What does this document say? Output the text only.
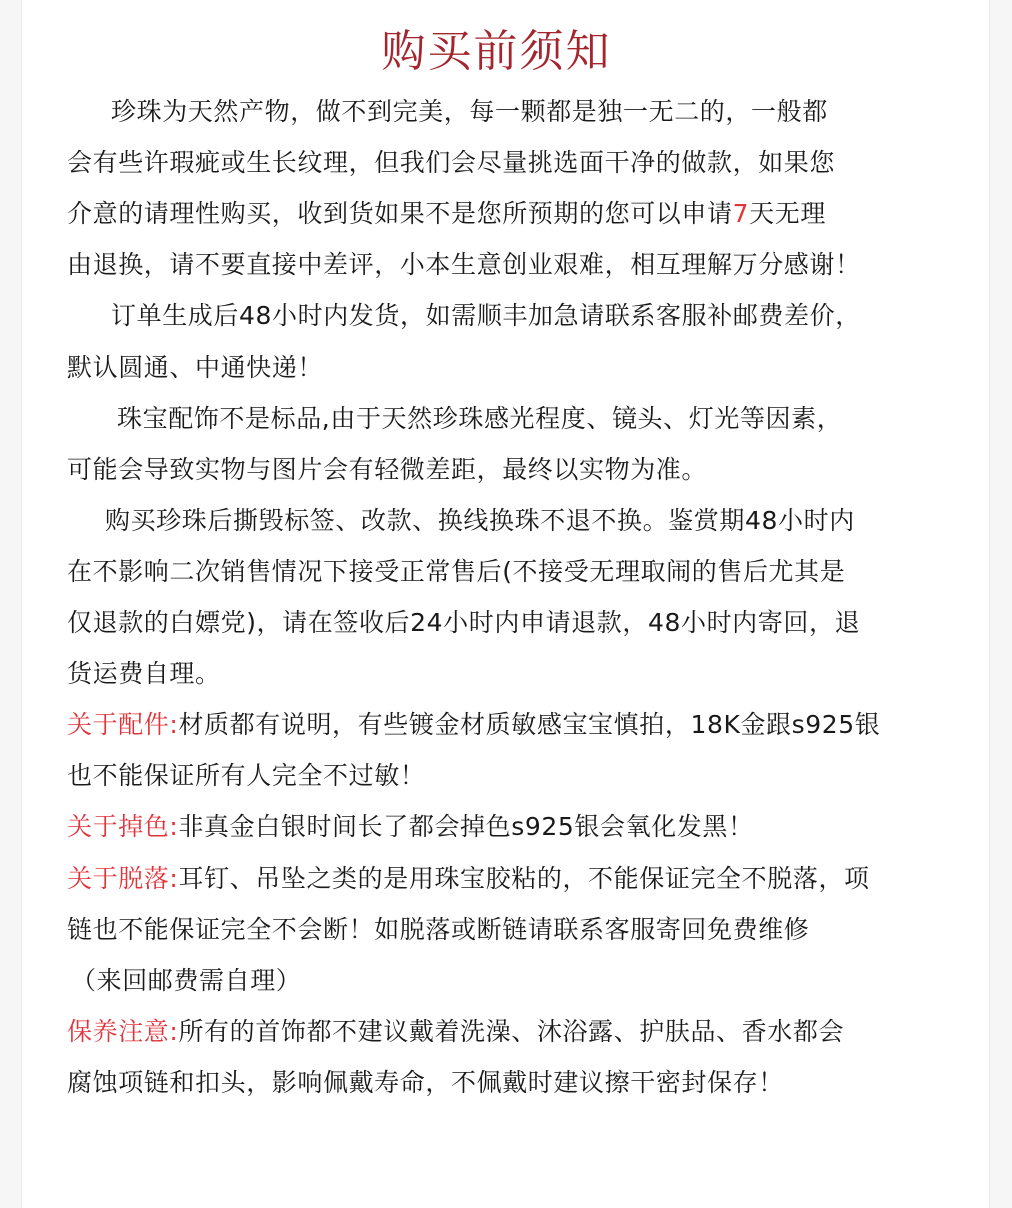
购买前须知
珍珠为天然产物，做不到完美，每一颗都是独一无二的，一般都
会有些许瑕疵或生长纹理，但我们会尽量挑选面干净的做款，如果您
介意的请理性购买，收到货如果不是您所预期的您可以申请7天无理
由退换，请不要直接中差评，小本生意创业艰难，相互理解万分感谢！
订单生成后48小时内发货，如需顺丰加急请联系客服补邮费差价，
默认圆通、中通快递！
珠宝配饰不是标品,由于天然珍珠感光程度、镜头、灯光等因素，
可能会导致实物与图片会有轻微差距，最终以实物为准。
购买珍珠后撕毁标签、改款、换线换珠不退不换。鉴赏期48小时内
在不影响二次销售情况下接受正常售后(不接受无理取闹的售后尤其是
仅退款的白嫖党)，请在签收后24小时内申请退款，48小时内寄回，退
货运费自理。
关于配件:材质都有说明，有些镀金材质敏感宝宝慎拍，18K金跟s925银
也不能保证所有人完全不过敏！
关于掉色:非真金白银时间长了都会掉色s925银会氧化发黑！
关于脱落:耳钉、吊坠之类的是用珠宝胶粘的，不能保证完全不脱落，项
链也不能保证完全不会断！如脱落或断链请联系客服寄回免费维修
（来回邮费需自理）
保养注意:所有的首饰都不建议戴着洗澡、沐浴露、护肤品、香水都会
腐蚀项链和扣头，影响佩戴寿命，不佩戴时建议擦干密封保存！
